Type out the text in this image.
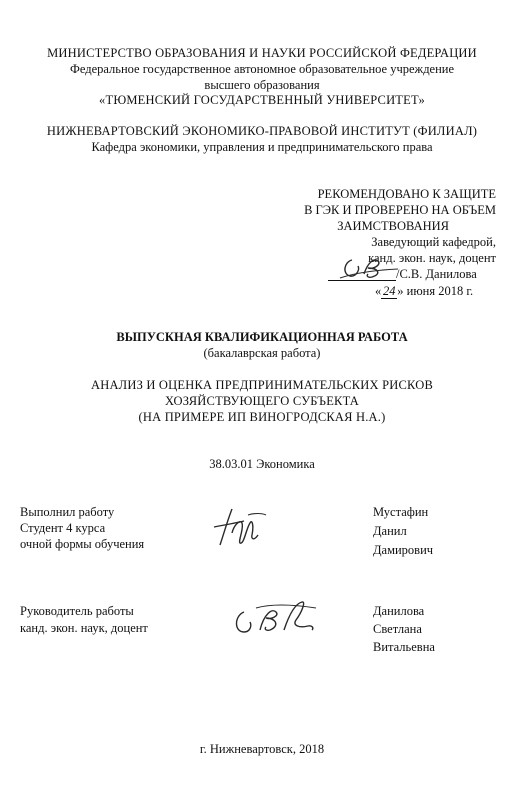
МИНИСТЕРСТВО ОБРАЗОВАНИЯ И НАУКИ РОССИЙСКОЙ ФЕДЕРАЦИИ
Федеральное государственное автономное образовательное учреждение
высшего образования
«ТЮМЕНСКИЙ ГОСУДАРСТВЕННЫЙ УНИВЕРСИТЕТ»
НИЖНЕВАРТОВСКИЙ ЭКОНОМИКО-ПРАВОВОЙ ИНСТИТУТ (ФИЛИАЛ)
Кафедра экономики, управления и предпринимательского права
РЕКОМЕНДОВАНО К ЗАЩИТЕ
В ГЭК И ПРОВЕРЕНО НА ОБЪЕМ
ЗАИМСТВОВАНИЯ
Заведующий кафедрой,
канд. экон. наук, доцент
/С.В. Данилова
« 24 » июня 2018 г.
ВЫПУСКНАЯ КВАЛИФИКАЦИОННАЯ РАБОТА
(бакалаврская работа)
АНАЛИЗ И ОЦЕНКА ПРЕДПРИНИМАТЕЛЬСКИХ РИСКОВ
ХОЗЯЙСТВУЮЩЕГО СУБЪЕКТА
(НА ПРИМЕРЕ ИП ВИНОГРОДСКАЯ Н.А.)
38.03.01 Экономика
Выполнил работу
Студент 4 курса
очной формы обучения
Мустафин
Данил
Дамирович
Руководитель работы
канд. экон. наук, доцент
Данилова
Светлана
Витальевна
г. Нижневартовск, 2018
